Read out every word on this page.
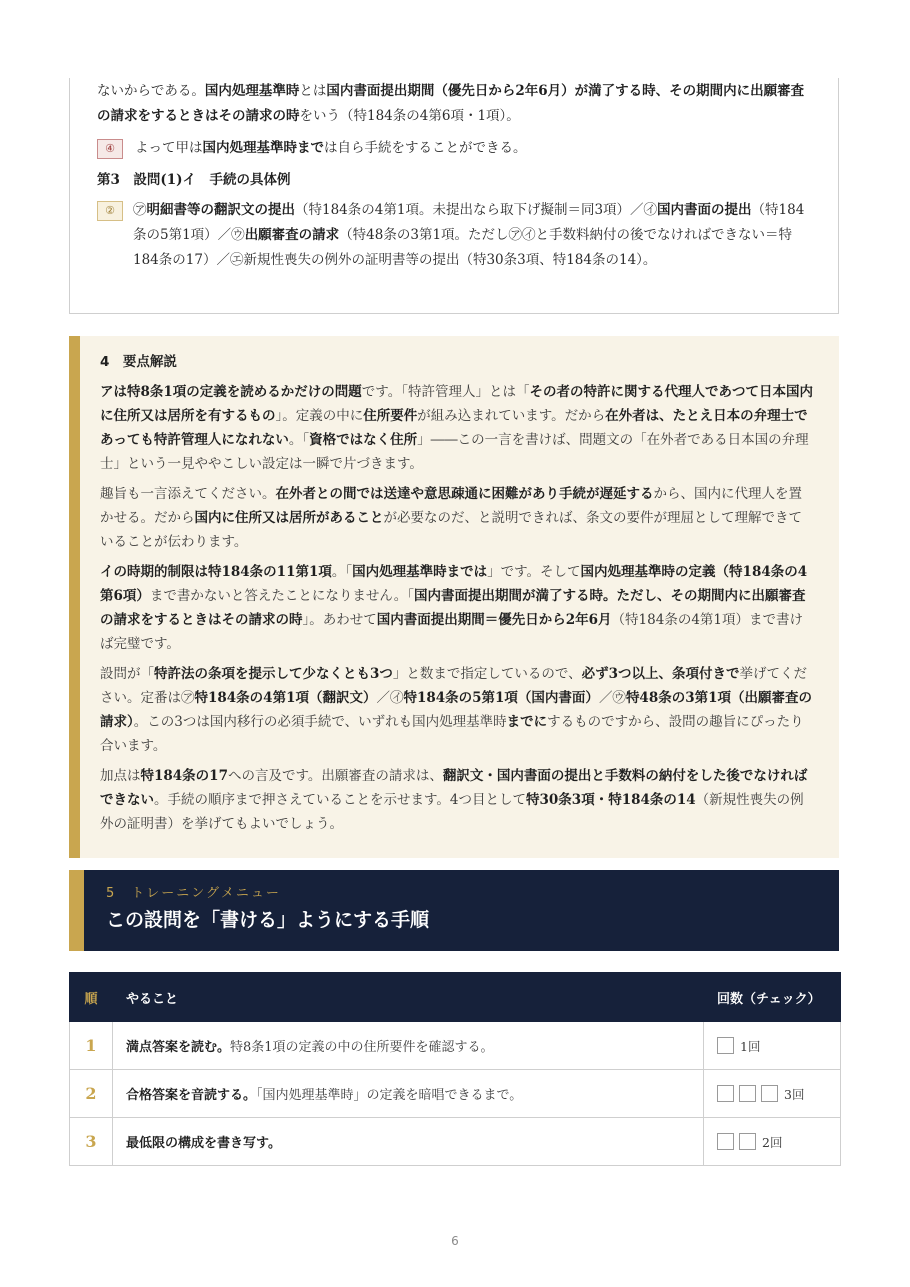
ないからである。国内処理基準時とは国内書面提出期間（優先日から2年6月）が満了する時、その期間内に出願審査の請求をするときはその請求の時をいう（特184条の4第6項・1項）。

④	よって甲は国内処理基準時までは自ら手続をすることができる。

第3　設問(1)イ　手続の具体例
②	㋐明細書等の翻訳文の提出（特184条の4第1項。未提出なら取下げ擬制＝同3項）／㋑国内書面の提出（特184条の5第1項）／㋒出願審査の請求（特48条の3第1項。ただし㋐㋑と手数料納付の後でなければできない＝特184条の17）／㋓新規性喪失の例外の証明書等の提出（特30条3項、特184条の14）。

4　要点解説

アは特8条1項の定義を読めるかだけの問題です。「特許管理人」とは「その者の特許に関する代理人であつて日本国内に住所又は居所を有するもの」。定義の中に住所要件が組み込まれています。だから在外者は、たとえ日本の弁理士であっても特許管理人になれない。「資格ではなく住所」――この一言を書けば、問題文の「在外者である日本国の弁理士」という一見ややこしい設定は一瞬で片づきます。

趣旨も一言添えてください。在外者との間では送達や意思疎通に困難があり手続が遅延するから、国内に代理人を置かせる。だから国内に住所又は居所があることが必要なのだ、と説明できれば、条文の要件が理屈として理解できていることが伝わります。

イの時期的制限は特184条の11第1項。「国内処理基準時までは」です。そして国内処理基準時の定義（特184条の4第6項）まで書かないと答えたことになりません。「国内書面提出期間が満了する時。ただし、その期間内に出願審査の請求をするときはその請求の時」。あわせて国内書面提出期間＝優先日から2年6月（特184条の4第1項）まで書けば完璧です。

設問が「特許法の条項を提示して少なくとも3つ」と数まで指定しているので、必ず3つ以上、条項付きで挙げてください。定番は㋐特184条の4第1項（翻訳文）／㋑特184条の5第1項（国内書面）／㋒特48条の3第1項（出願審査の請求）。この3つは国内移行の必須手続で、いずれも国内処理基準時までにするものですから、設問の趣旨にぴったり合います。

加点は特184条の17への言及です。出願審査の請求は、翻訳文・国内書面の提出と手数料の納付をした後でなければできない。手続の順序まで押さえていることを示せます。4つ目として特30条3項・特184条の14（新規性喪失の例外の証明書）を挙げてもよいでしょう。

5　トレーニングメニュー
この設問を「書ける」ようにする手順
順	やること	回数（チェック）
1	満点答案を読む。特8条1項の定義の中の住所要件を確認する。	1回

2	合格答案を音読する。「国内処理基準時」の定義を暗唱できるまで。	3回

3	最低限の構成を書き写す。	2回
6
